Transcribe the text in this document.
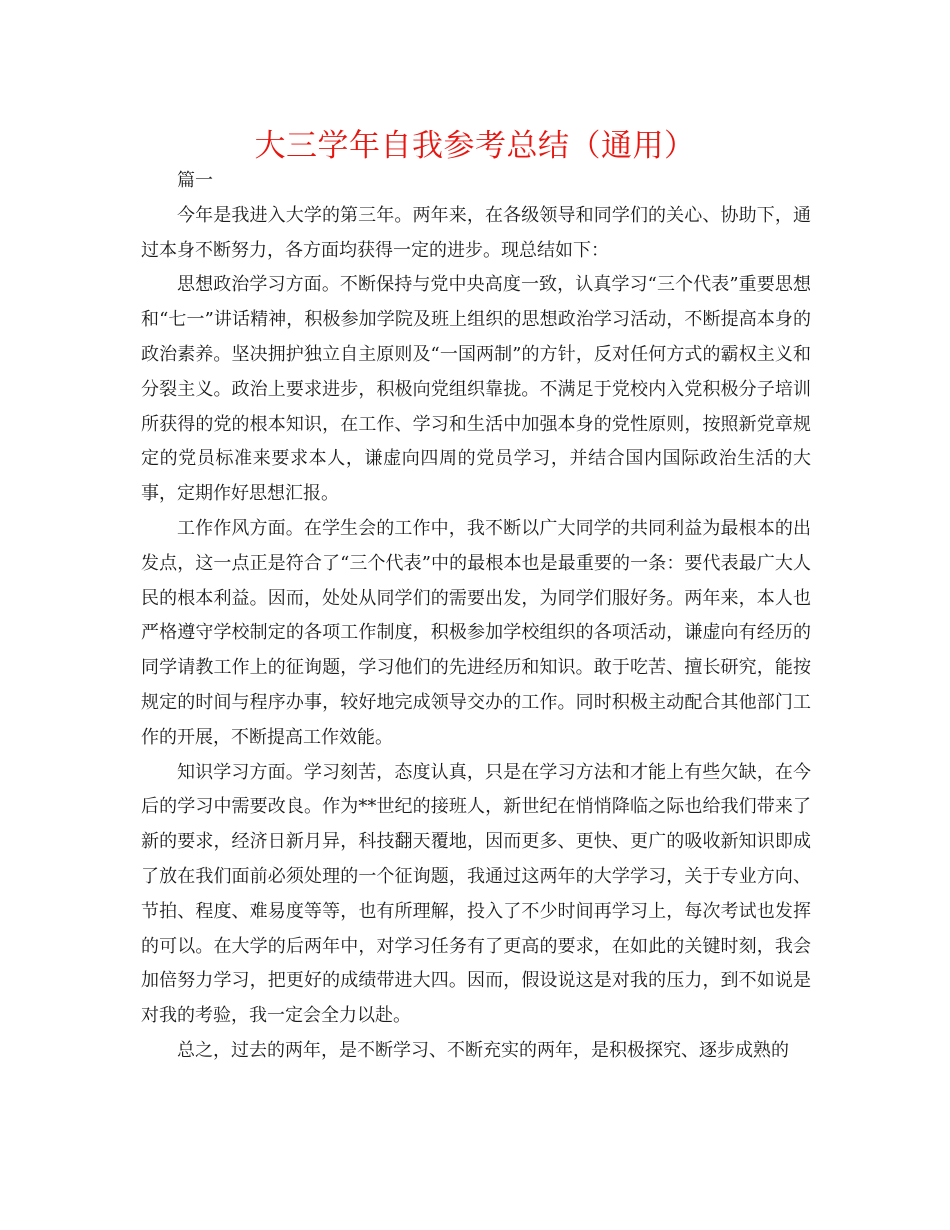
大三学年自我参考总结（通用）

篇一

今年是我进入大学的第三年。两年来，在各级领导和同学们的关心、协助下，通过本身不断努力，各方面均获得一定的进步。现总结如下：

思想政治学习方面。不断保持与党中央高度一致，认真学习“三个代表”重要思想和“七一”讲话精神，积极参加学院及班上组织的思想政治学习活动，不断提高本身的政治素养。坚决拥护独立自主原则及“一国两制”的方针，反对任何方式的霸权主义和分裂主义。政治上要求进步，积极向党组织靠拢。不满足于党校内入党积极分子培训所获得的党的根本知识，在工作、学习和生活中加强本身的党性原则，按照新党章规定的党员标准来要求本人，谦虚向四周的党员学习，并结合国内国际政治生活的大事，定期作好思想汇报。

工作作风方面。在学生会的工作中，我不断以广大同学的共同利益为最根本的出发点，这一点正是符合了“三个代表”中的最根本也是最重要的一条：要代表最广大人民的根本利益。因而，处处从同学们的需要出发，为同学们服好务。两年来，本人也严格遵守学校制定的各项工作制度，积极参加学校组织的各项活动，谦虚向有经历的同学请教工作上的征询题，学习他们的先进经历和知识。敢于吃苦、擅长研究，能按规定的时间与程序办事，较好地完成领导交办的工作。同时积极主动配合其他部门工作的开展，不断提高工作效能。

知识学习方面。学习刻苦，态度认真，只是在学习方法和才能上有些欠缺，在今后的学习中需要改良。作为**世纪的接班人，新世纪在悄悄降临之际也给我们带来了新的要求，经济日新月异，科技翻天覆地，因而更多、更快、更广的吸收新知识即成了放在我们面前必须处理的一个征询题，我通过这两年的大学学习，关于专业方向、节拍、程度、难易度等等，也有所理解，投入了不少时间再学习上，每次考试也发挥的可以。在大学的后两年中，对学习任务有了更高的要求，在如此的关键时刻，我会加倍努力学习，把更好的成绩带进大四。因而，假设说这是对我的压力，到不如说是对我的考验，我一定会全力以赴。

总之，过去的两年，是不断学习、不断充实的两年，是积极探究、逐步成熟的
